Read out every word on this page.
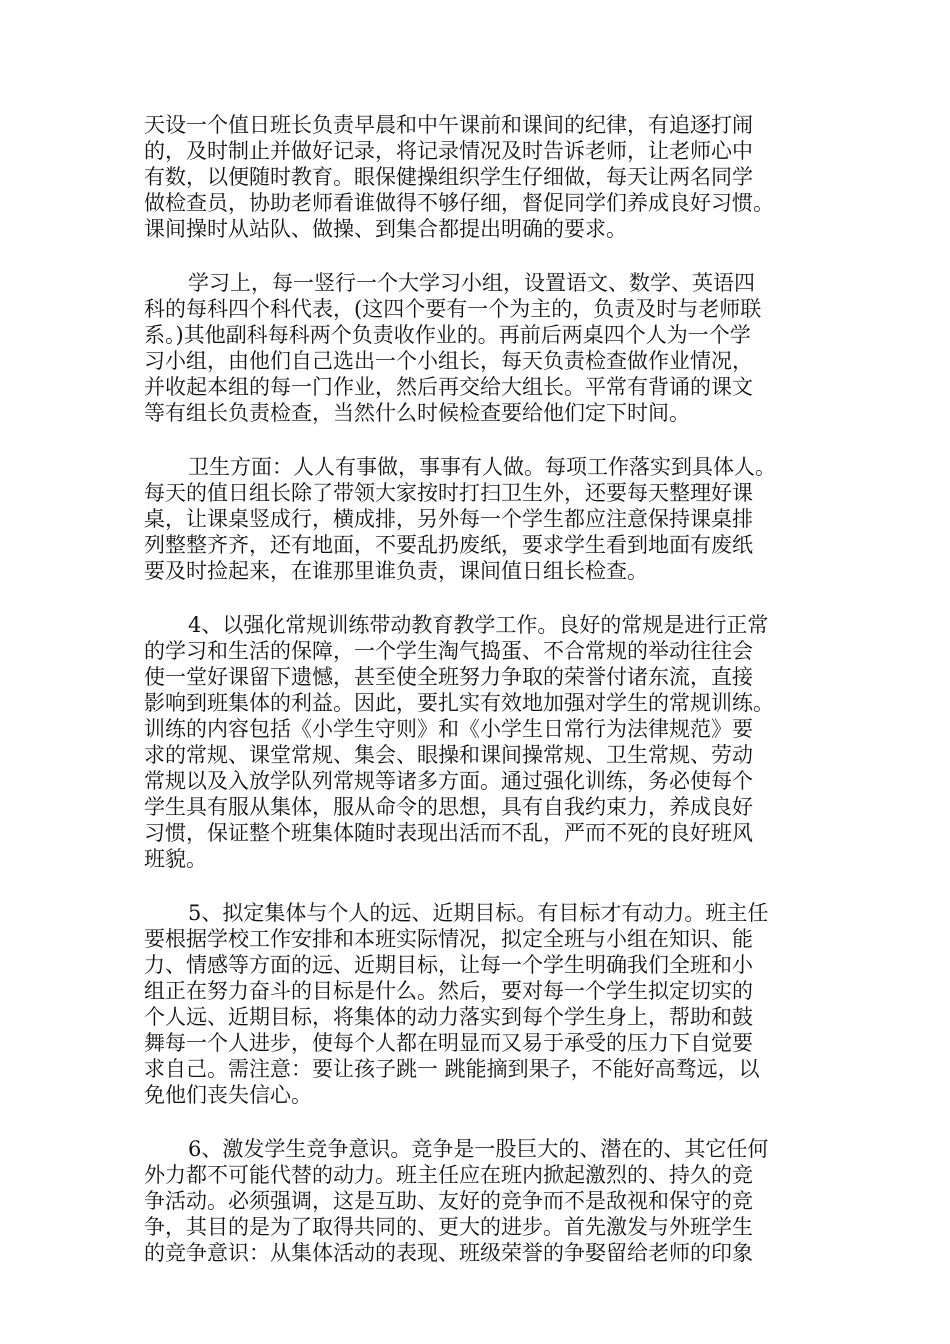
天设一个值日班长负责早晨和中午课前和课间的纪律，有追逐打闹
的，及时制止并做好记录，将记录情况及时告诉老师，让老师心中
有数，以便随时教育。眼保健操组织学生仔细做，每天让两名同学
做检查员，协助老师看谁做得不够仔细，督促同学们养成良好习惯。
课间操时从站队、做操、到集合都提出明确的要求。
学习上，每一竖行一个大学习小组，设置语文、数学、英语四
科的每科四个科代表，(这四个要有一个为主的，负责及时与老师联
系。)其他副科每科两个负责收作业的。再前后两桌四个人为一个学
习小组，由他们自己选出一个小组长，每天负责检查做作业情况，
并收起本组的每一门作业，然后再交给大组长。平常有背诵的课文
等有组长负责检查，当然什么时候检查要给他们定下时间。
卫生方面：人人有事做，事事有人做。每项工作落实到具体人。
每天的值日组长除了带领大家按时打扫卫生外，还要每天整理好课
桌，让课桌竖成行，横成排，另外每一个学生都应注意保持课桌排
列整整齐齐，还有地面，不要乱扔废纸，要求学生看到地面有废纸
要及时捡起来，在谁那里谁负责，课间值日组长检查。
4、以强化常规训练带动教育教学工作。良好的常规是进行正常
的学习和生活的保障，一个学生淘气捣蛋、不合常规的举动往往会
使一堂好课留下遗憾，甚至使全班努力争取的荣誉付诸东流，直接
影响到班集体的利益。因此，要扎实有效地加强对学生的常规训练。
训练的内容包括《小学生守则》和《小学生日常行为法律规范》要
求的常规、课堂常规、集会、眼操和课间操常规、卫生常规、劳动
常规以及入放学队列常规等诸多方面。通过强化训练，务必使每个
学生具有服从集体，服从命令的思想，具有自我约束力，养成良好
习惯，保证整个班集体随时表现出活而不乱，严而不死的良好班风
班貌。
5、拟定集体与个人的远、近期目标。有目标才有动力。班主任
要根据学校工作安排和本班实际情况，拟定全班与小组在知识、能
力、情感等方面的远、近期目标，让每一个学生明确我们全班和小
组正在努力奋斗的目标是什么。然后，要对每一个学生拟定切实的
个人远、近期目标，将集体的动力落实到每个学生身上，帮助和鼓
舞每一个人进步，使每个人都在明显而又易于承受的压力下自觉要
求自己。需注意：要让孩子跳一 跳能摘到果子，不能好高骛远，以
免他们丧失信心。
6、激发学生竞争意识。竞争是一股巨大的、潜在的、其它任何
外力都不可能代替的动力。班主任应在班内掀起激烈的、持久的竞
争活动。必须强调，这是互助、友好的竞争而不是敌视和保守的竞
争，其目的是为了取得共同的、更大的进步。首先激发与外班学生
的竞争意识：从集体活动的表现、班级荣誉的争娶留给老师的印象
